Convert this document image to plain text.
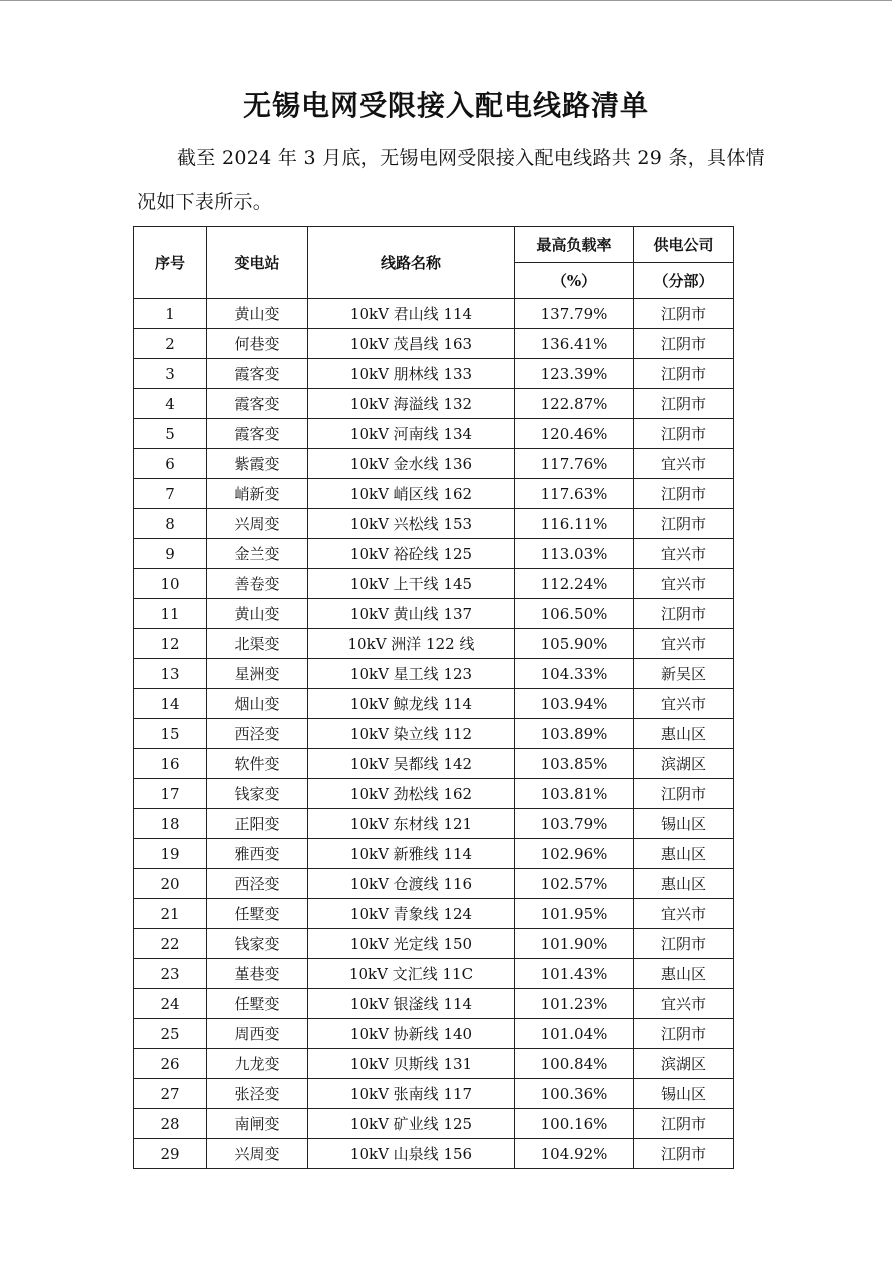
无锡电网受限接入配电线路清单
截至 2024 年 3 月底，无锡电网受限接入配电线路共 29 条，具体情况如下表所示。
序号	变电站	线路名称	最高负载率	供电公司
			（%）	（分部）
1	黄山变	10kV 君山线 114	137.79%	江阴市
2	何巷变	10kV 茂昌线 163	136.41%	江阴市
3	霞客变	10kV 朋林线 133	123.39%	江阴市
4	霞客变	10kV 海溢线 132	122.87%	江阴市
5	霞客变	10kV 河南线 134	120.46%	江阴市
6	紫霞变	10kV 金水线 136	117.76%	宜兴市
7	峭新变	10kV 峭区线 162	117.63%	江阴市
8	兴周变	10kV 兴松线 153	116.11%	江阴市
9	金兰变	10kV 裕砼线 125	113.03%	宜兴市
10	善卷变	10kV 上干线 145	112.24%	宜兴市
11	黄山变	10kV 黄山线 137	106.50%	江阴市
12	北渠变	10kV 洲洋 122 线	105.90%	宜兴市
13	星洲变	10kV 星工线 123	104.33%	新吴区
14	烟山变	10kV 鲸龙线 114	103.94%	宜兴市
15	西泾变	10kV 染立线 112	103.89%	惠山区
16	软件变	10kV 吴都线 142	103.85%	滨湖区
17	钱家变	10kV 劲松线 162	103.81%	江阴市
18	正阳变	10kV 东材线 121	103.79%	锡山区
19	雅西变	10kV 新雅线 114	102.96%	惠山区
20	西泾变	10kV 仓渡线 116	102.57%	惠山区
21	任墅变	10kV 青象线 124	101.95%	宜兴市
22	钱家变	10kV 光定线 150	101.90%	江阴市
23	堇巷变	10kV 文汇线 11C	101.43%	惠山区
24	任墅变	10kV 银滏线 114	101.23%	宜兴市
25	周西变	10kV 协新线 140	101.04%	江阴市
26	九龙变	10kV 贝斯线 131	100.84%	滨湖区
27	张泾变	10kV 张南线 117	100.36%	锡山区
28	南闸变	10kV 矿业线 125	100.16%	江阴市
29	兴周变	10kV 山泉线 156	104.92%	江阴市
